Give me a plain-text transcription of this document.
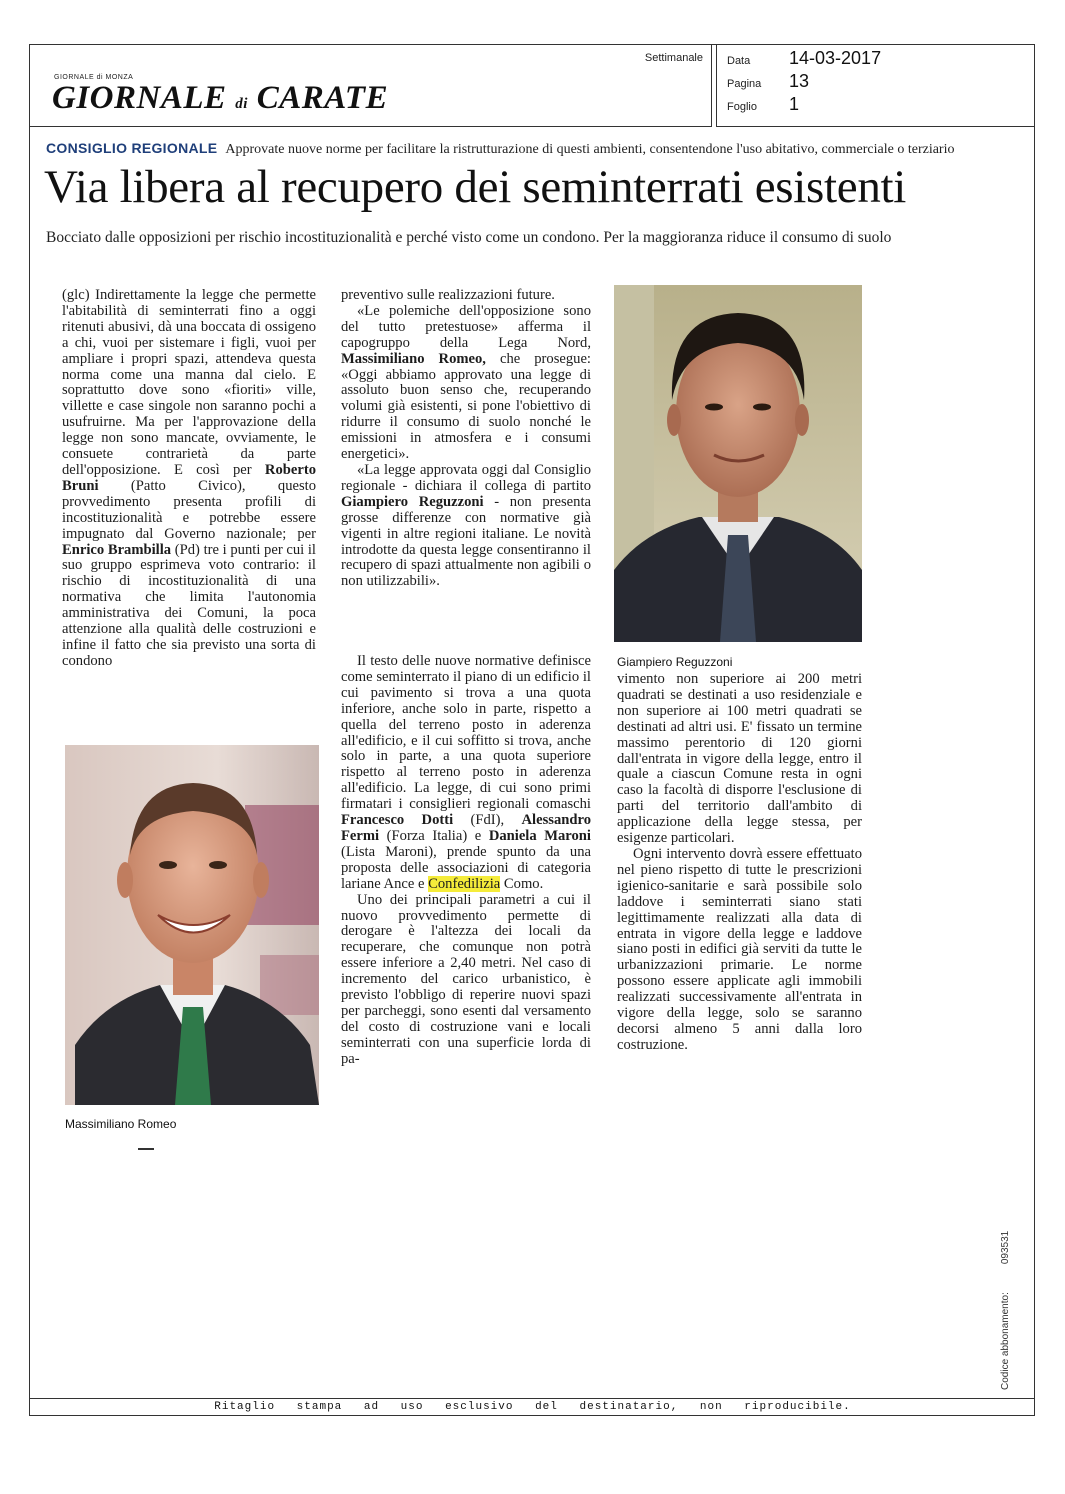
GIORNALE di MONZA
GIORNALE di CARATE
Settimanale Data 14-03-2017
Pagina 13
Foglio 1
CONSIGLIO REGIONALE Approvate nuove norme per facilitare la ristrutturazione di questi ambienti, consentendone l'uso abitativo, commerciale o terziario
Via libera al recupero dei seminterrati esistenti
Bocciato dalle opposizioni per rischio incostituzionalità e perché visto come un condono. Per la maggioranza riduce il consumo di suolo

(glc) Indirettamente la legge che permette l'abitabilità di seminterrati fino a oggi ritenuti abusivi, dà una boccata di ossigeno a chi, vuoi per sistemare i figli, vuoi per ampliare i propri spazi, attendeva questa norma come una manna dal cielo. E soprattutto dove sono «fioriti» ville, villette e case singole non saranno pochi a usufruirne. Ma per l'approvazione della legge non sono mancate, ovviamente, le consuete contrarietà da parte dell'opposizione. E così per Roberto Bruni (Patto Civico), questo provvedimento presenta profili di incostituzionalità e potrebbe essere impugnato dal Governo nazionale; per Enrico Brambilla (Pd) tre i punti per cui il suo gruppo esprimeva voto contrario: il rischio di incostituzionalità di una normativa che limita l'autonomia amministrativa dei Comuni, la poca attenzione alla qualità delle costruzioni e infine il fatto che sia previsto una sorta di condono

Massimiliano Romeo

preventivo sulle realizzazioni future.

«Le polemiche dell'opposizione sono del tutto pretestuose» afferma il capogruppo della Lega Nord, Massimiliano Romeo, che prosegue: «Oggi abbiamo approvato una legge di assoluto buon senso che, recuperando volumi già esistenti, si pone l'obiettivo di ridurre il consumo di suolo nonché le emissioni in atmosfera e i consumi energetici».

«La legge approvata oggi dal Consiglio regionale - dichiara il collega di partito Giampiero Reguzzoni - non presenta grosse differenze con normative già vigenti in altre regioni italiane. Le novità introdotte da questa legge consentiranno il recupero di spazi attualmente non agibili o non utilizzabili».

Il testo delle nuove normative definisce come seminterrato il piano di un edificio il cui pavimento si trova a una quota inferiore, anche solo in parte, rispetto a quella del terreno posto in aderenza all'edificio, e il cui soffitto si trova, anche solo in parte, a una quota superiore rispetto al terreno posto in aderenza all'edificio. La legge, di cui sono primi firmatari i consiglieri regionali comaschi Francesco Dotti (FdI), Alessandro Fermi (Forza Italia) e Daniela Maroni (Lista Maroni), prende spunto da una proposta delle associazioni di categoria lariane Ance e Confedilizia Como.

Uno dei principali parametri a cui il nuovo provvedimento permette di derogare è l'altezza dei locali da recuperare, che comunque non potrà essere inferiore a 2,40 metri. Nel caso di incremento del carico urbanistico, è previsto l'obbligo di reperire nuovi spazi per parcheggi, sono esenti dal versamento del costo di costruzione vani e locali seminterrati con una superficie lorda di pa-

Giampiero Reguzzoni

vimento non superiore ai 200 metri quadrati se destinati a uso residenziale e non superiore ai 100 metri quadrati se destinati ad altri usi. E' fissato un termine massimo perentorio di 120 giorni dall'entrata in vigore della legge, entro il quale a ciascun Comune resta in ogni caso la facoltà di disporre l'esclusione di parti del territorio dall'ambito di applicazione della legge stessa, per esigenze particolari.

Ogni intervento dovrà essere effettuato nel pieno rispetto di tutte le prescrizioni igienico-sanitarie e sarà possibile solo laddove i seminterrati siano stati legittimamente realizzati alla data di entrata in vigore della legge e laddove siano posti in edifici già serviti da tutte le urbanizzazioni primarie. Le norme possono essere applicate agli immobili realizzati successivamente all'entrata in vigore della legge, solo se saranno decorsi almeno 5 anni dalla loro costruzione.

Ritaglio stampa ad uso esclusivo del destinatario, non riproducibile.
Codice abbonamento:093531
